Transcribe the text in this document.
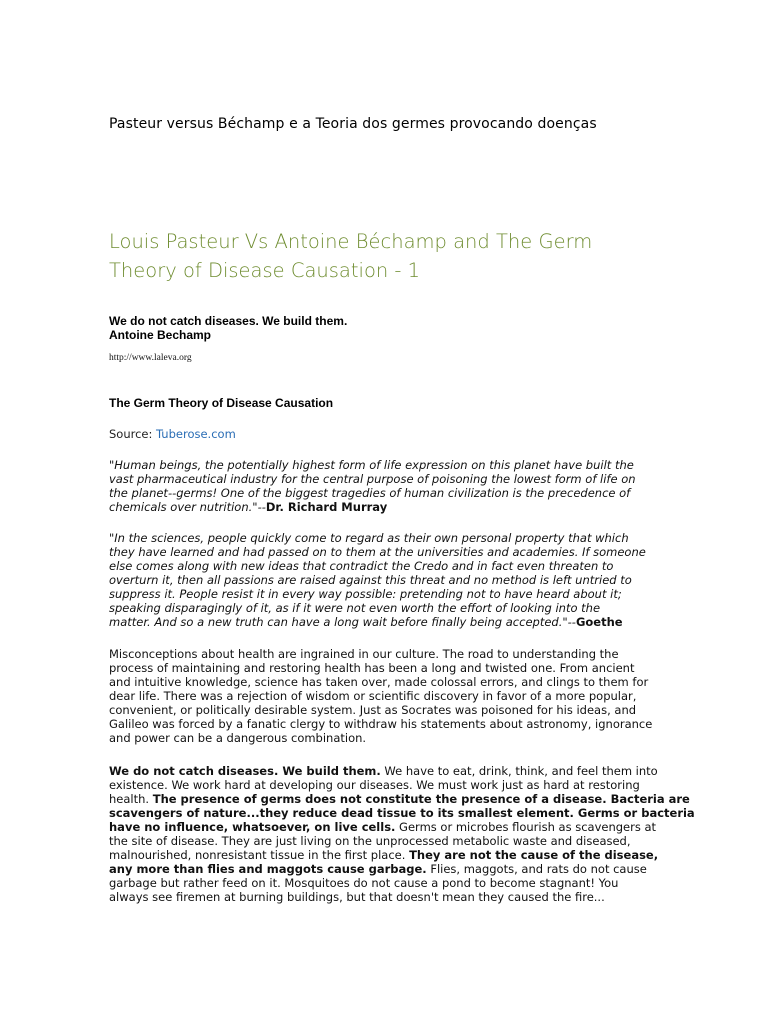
Pasteur versus Béchamp e a Teoria dos germes provocando doenças
Louis Pasteur Vs Antoine Béchamp and The Germ
Theory of Disease Causation - 1
We do not catch diseases. We build them.
Antoine Bechamp
http://www.laleva.org
The Germ Theory of Disease Causation
Source: Tuberose.com
"Human beings, the potentially highest form of life expression on this planet have built the
vast pharmaceutical industry for the central purpose of poisoning the lowest form of life on
the planet--germs! One of the biggest tragedies of human civilization is the precedence of
chemicals over nutrition."--Dr. Richard Murray
"In the sciences, people quickly come to regard as their own personal property that which
they have learned and had passed on to them at the universities and academies. If someone
else comes along with new ideas that contradict the Credo and in fact even threaten to
overturn it, then all passions are raised against this threat and no method is left untried to
suppress it. People resist it in every way possible: pretending not to have heard about it;
speaking disparagingly of it, as if it were not even worth the effort of looking into the
matter. And so a new truth can have a long wait before finally being accepted."--Goethe
Misconceptions about health are ingrained in our culture. The road to understanding the
process of maintaining and restoring health has been a long and twisted one. From ancient
and intuitive knowledge, science has taken over, made colossal errors, and clings to them for
dear life. There was a rejection of wisdom or scientific discovery in favor of a more popular,
convenient, or politically desirable system. Just as Socrates was poisoned for his ideas, and
Galileo was forced by a fanatic clergy to withdraw his statements about astronomy, ignorance
and power can be a dangerous combination.
We do not catch diseases. We build them. We have to eat, drink, think, and feel them into
existence. We work hard at developing our diseases. We must work just as hard at restoring
health. The presence of germs does not constitute the presence of a disease. Bacteria are
scavengers of nature...they reduce dead tissue to its smallest element. Germs or bacteria
have no influence, whatsoever, on live cells. Germs or microbes flourish as scavengers at
the site of disease. They are just living on the unprocessed metabolic waste and diseased,
malnourished, nonresistant tissue in the first place. They are not the cause of the disease,
any more than flies and maggots cause garbage. Flies, maggots, and rats do not cause
garbage but rather feed on it. Mosquitoes do not cause a pond to become stagnant! You
always see firemen at burning buildings, but that doesn't mean they caused the fire...
